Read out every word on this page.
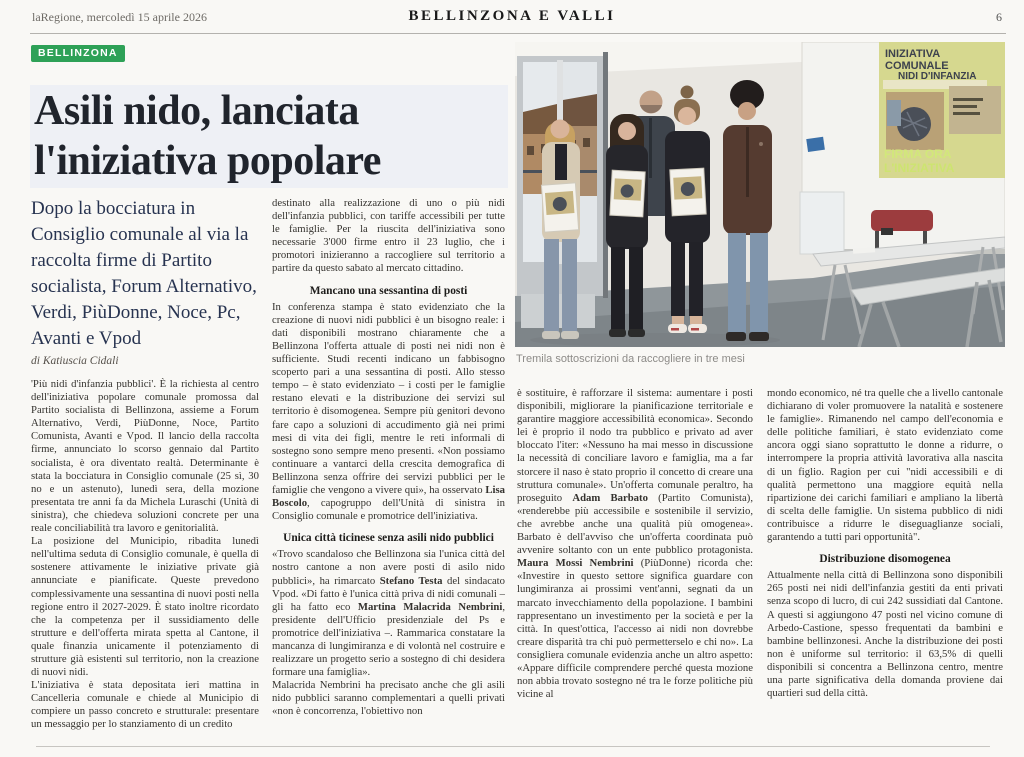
laRegione, mercoledì 15 aprile 2026	BELLINZONA E VALLI	6
BELLINZONA
Asili nido, lanciata l'iniziativa popolare
Dopo la bocciatura in Consiglio comunale al via la raccolta firme di Partito socialista, Forum Alternativo, Verdi, PiùDonne, Noce, Pc, Avanti e Vpod
di Katiuscia Cidali

'Più nidi d'infanzia pubblici'. È la richiesta al centro dell'iniziativa popolare comunale promossa dal Partito socialista di Bellinzona, assieme a Forum Alternativo, Verdi, PiùDonne, Noce, Partito Comunista, Avanti e Vpod. Il lancio della raccolta firme, annunciato lo scorso gennaio dal Partito socialista, è ora diventato realtà. Determinante è stata la bocciatura in Consiglio comunale (25 sì, 30 no e un astenuto), lunedì sera, della mozione presentata tre anni fa da Michela Luraschi (Unità di sinistra), che chiedeva soluzioni concrete per una reale conciliabilità tra lavoro e genitorialità.

La posizione del Municipio, ribadita lunedì nell'ultima seduta di Consiglio comunale, è quella di sostenere attivamente le iniziative private già annunciate e pianificate. Queste prevedono complessivamente una sessantina di nuovi posti nella regione entro il 2027-2029. È stato inoltre ricordato che la competenza per il sussidiamento delle strutture e dell'offerta mirata spetta al Cantone, il quale finanzia unicamente il potenziamento di strutture già esistenti sul territorio, non la creazione di nuovi nidi.

L'iniziativa è stata depositata ieri mattina in Cancelleria comunale e chiede al Municipio di compiere un passo concreto e strutturale: presentare un messaggio per lo stanziamento di un credito

destinato alla realizzazione di uno o più nidi dell'infanzia pubblici, con tariffe accessibili per tutte le famiglie. Per la riuscita dell'iniziativa sono necessarie 3'000 firme entro il 23 luglio, che i promotori inizieranno a raccogliere sul territorio a partire da questo sabato al mercato cittadino.

Mancano una sessantina di posti

In conferenza stampa è stato evidenziato che la creazione di nuovi nidi pubblici è un bisogno reale: i dati disponibili mostrano chiaramente che a Bellinzona l'offerta attuale di posti nei nidi non è sufficiente. Studi recenti indicano un fabbisogno scoperto pari a una sessantina di posti. Allo stesso tempo – è stato evidenziato – i costi per le famiglie restano elevati e la distribuzione dei servizi sul territorio è disomogenea. Sempre più genitori devono fare capo a soluzioni di accudimento già nei primi mesi di vita dei figli, mentre le reti informali di sostegno sono sempre meno presenti. «Non possiamo continuare a vantarci della crescita demografica di Bellinzona senza offrire dei servizi pubblici per le famiglie che vengono a vivere qui», ha osservato Lisa Boscolo, capogruppo dell'Unità di sinistra in Consiglio comunale e promotrice dell'iniziativa.

Unica città ticinese senza asili nido pubblici

«Trovo scandaloso che Bellinzona sia l'unica città del nostro cantone a non avere posti di asilo nido pubblici», ha rimarcato Stefano Testa del sindacato Vpod. «Di fatto è l'unica città priva di nidi comunali – gli ha fatto eco Martina Malacrida Nembrini, presidente dell'Ufficio presidenziale del Ps e promotrice dell'iniziativa –. Rammarica constatare la mancanza di lungimiranza e di volontà nel costruire e realizzare un progetto serio a sostegno di chi desidera formare una famiglia».

Malacrida Nembrini ha precisato anche che gli asili nido pubblici saranno complementari a quelli privati «non è concorrenza, l'obiettivo non

è sostituire, è rafforzare il sistema: aumentare i posti disponibili, migliorare la pianificazione territoriale e garantire maggiore accessibilità economica». Secondo lei è proprio il nodo tra pubblico e privato ad aver bloccato l'iter: «Nessuno ha mai messo in discussione la necessità di conciliare lavoro e famiglia, ma a far storcere il naso è stato proprio il concetto di creare una struttura comunale». Un'offerta comunale peraltro, ha proseguito Adam Barbato (Partito Comunista), «renderebbe più accessibile e sostenibile il servizio, che avrebbe anche una qualità più omogenea». Barbato è dell'avviso che un'offerta coordinata può avvenire soltanto con un ente pubblico protagonista. Maura Mossi Nembrini (PiùDonne) ricorda che: «Investire in questo settore significa guardare con lungimiranza ai prossimi vent'anni, segnati da un marcato invecchiamento della popolazione. I bambini rappresentano un investimento per la società e per la città. In quest'ottica, l'accesso ai nidi non dovrebbe creare disparità tra chi può permetterselo e chi no». La consigliera comunale evidenzia anche un altro aspetto: «Appare difficile comprendere perché questa mozione non abbia trovato sostegno né tra le forze politiche più vicine al

mondo economico, né tra quelle che a livello cantonale dichiarano di voler promuovere la natalità e sostenere le famiglie». Rimanendo nel campo dell'economia e delle politiche familiari, è stato evidenziato come ancora oggi siano soprattutto le donne a ridurre, o interrompere la propria attività lavorativa alla nascita di un figlio. Ragion per cui "nidi accessibili e di qualità permettono una maggiore equità nella ripartizione dei carichi familiari e ampliano la libertà di scelta delle famiglie. Un sistema pubblico di nidi contribuisce a ridurre le diseguaglianze sociali, garantendo a tutti pari opportunità".

Distribuzione disomogenea

Attualmente nella città di Bellinzona sono disponibili 265 posti nei nidi dell'infanzia gestiti da enti privati senza scopo di lucro, di cui 242 sussidiati dal Cantone. A questi si aggiungono 47 posti nel vicino comune di Arbedo-Castione, spesso frequentati da bambini e bambine bellinzonesi. Anche la distribuzione dei posti non è uniforme sul territorio: il 63,5% di quelli disponibili si concentra a Bellinzona centro, mentre una parte significativa della domanda proviene dai quartieri sud della città.

INIZIATIVA
COMUNALE
NIDI D'INFANZIA
FIRMA ORA
L'INIZIATIVA
Tremila sottoscrizioni da raccogliere in tre mesi
